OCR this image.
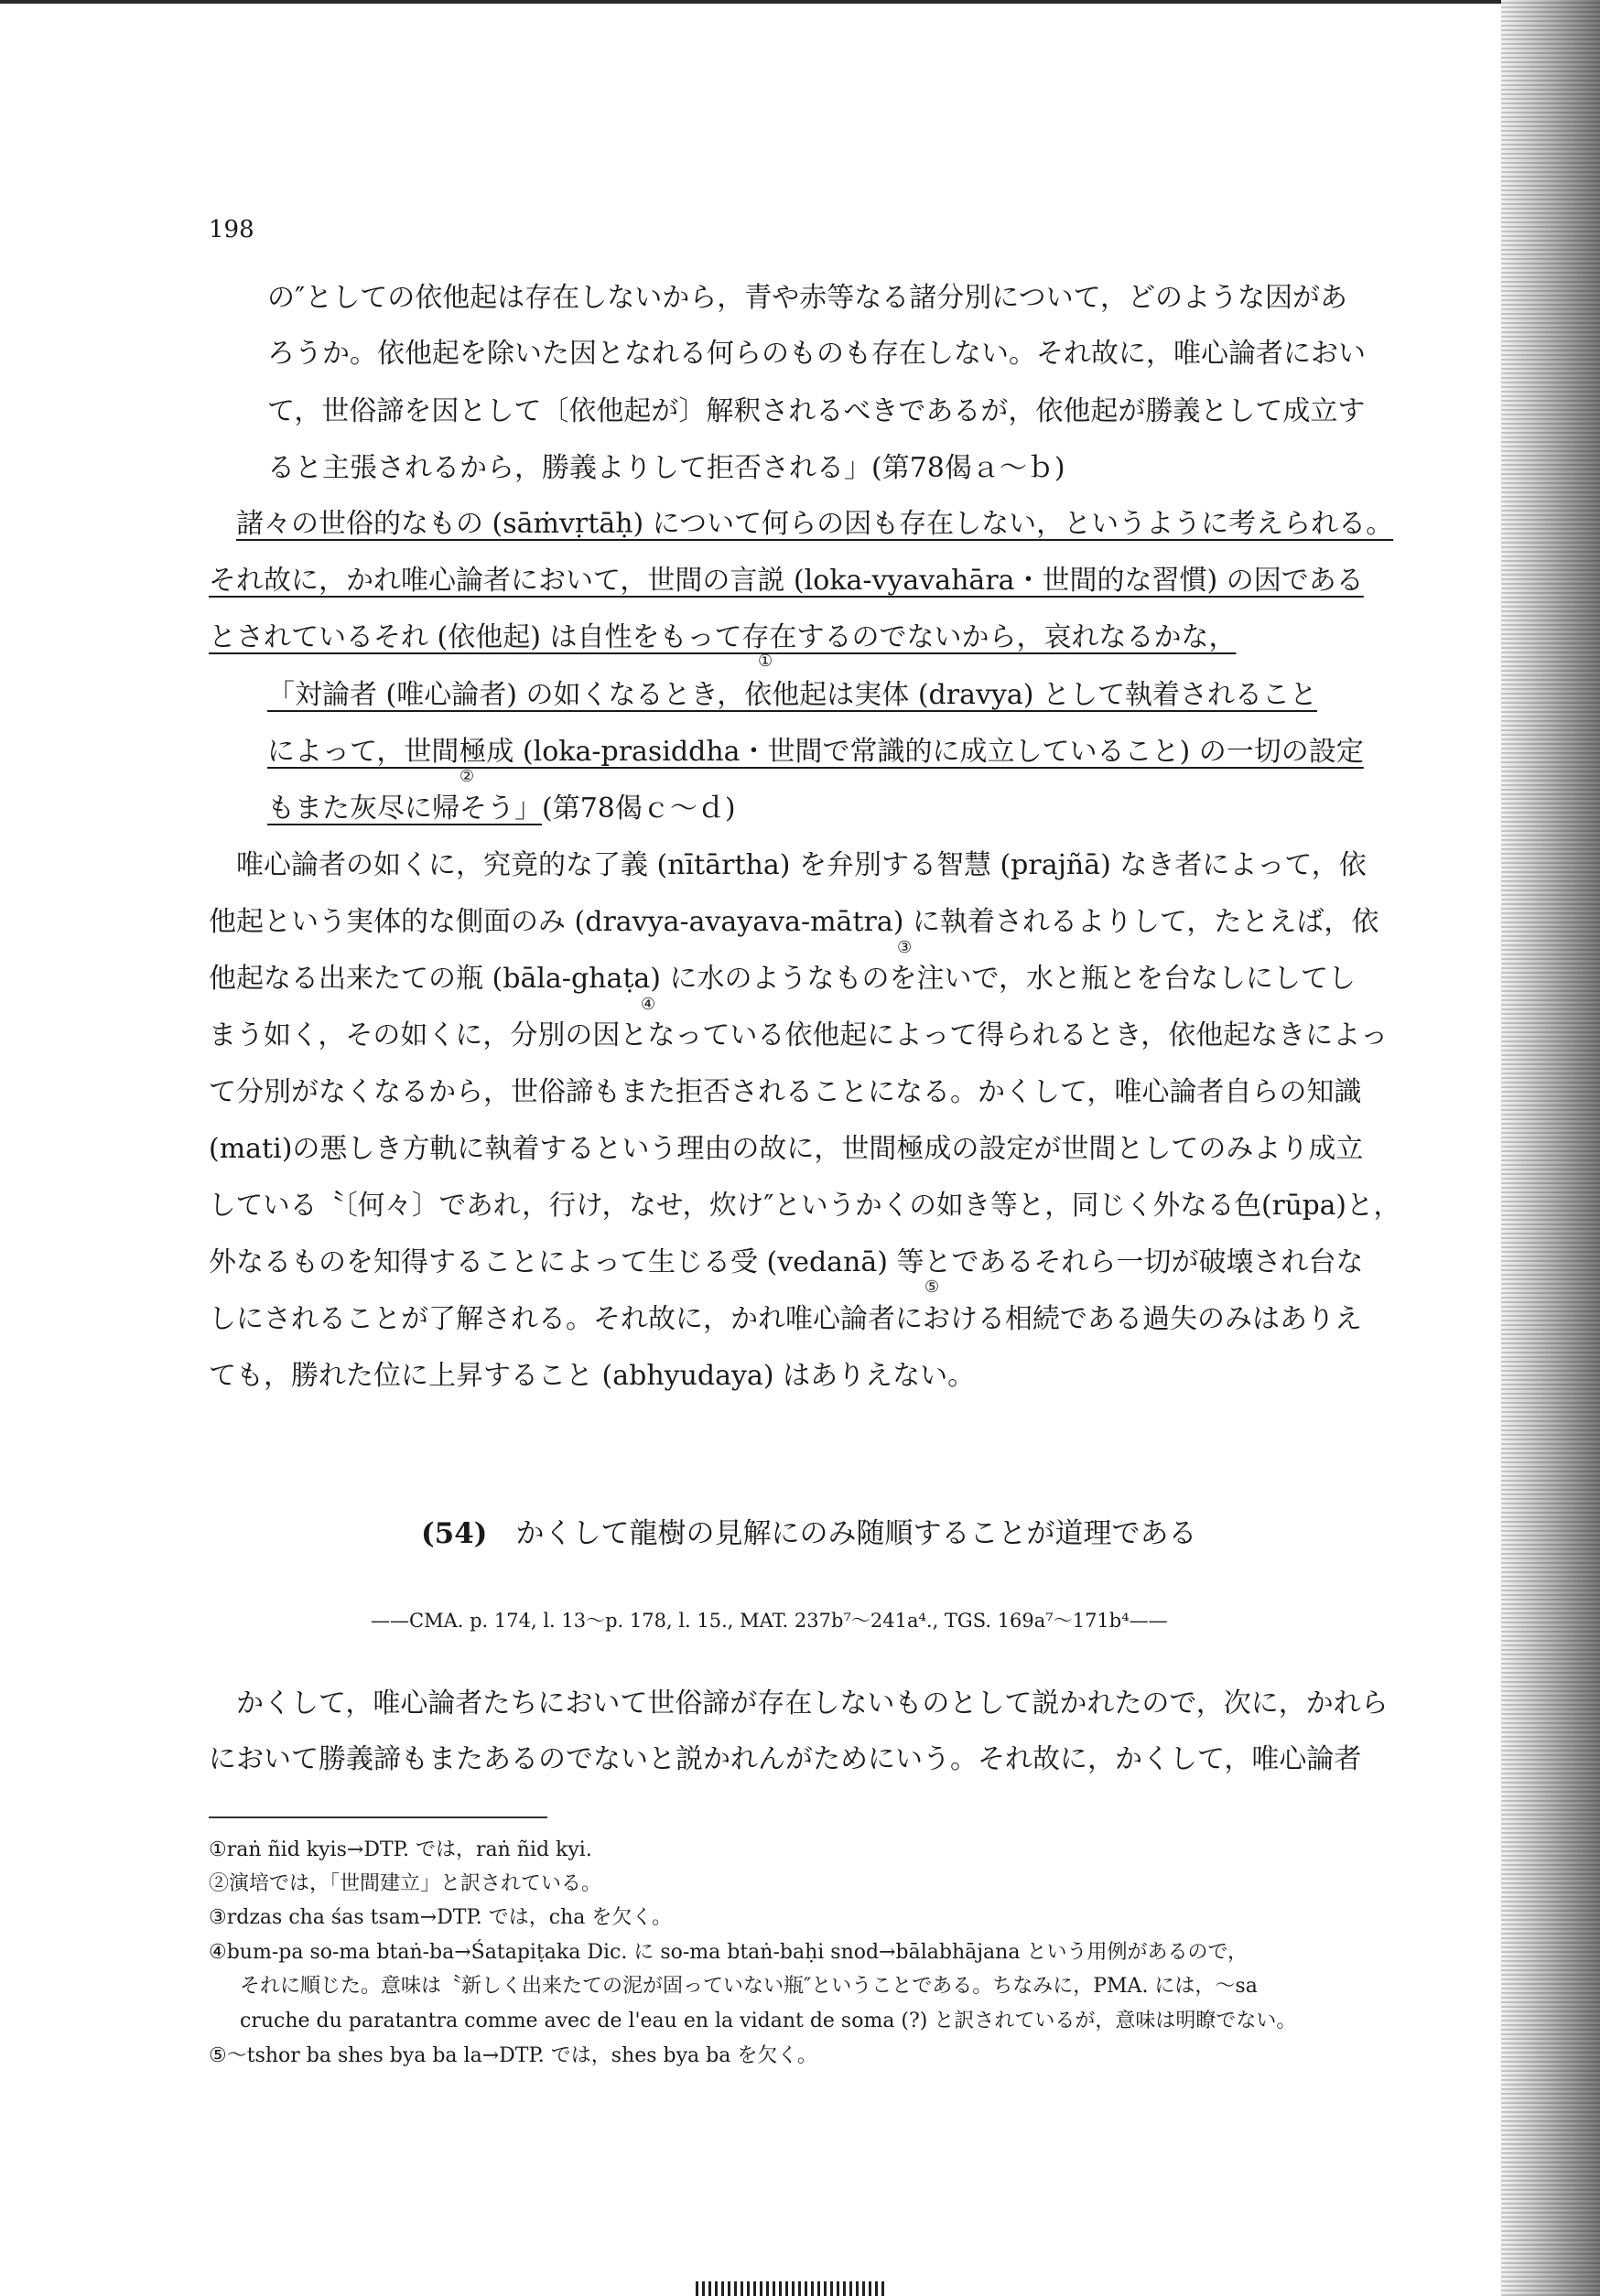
198
の″としての依他起は存在しないから，青や赤等なる諸分別について，どのような因があ
ろうか。依他起を除いた因となれる何らのものも存在しない。それ故に，唯心論者におい
て，世俗諦を因として〔依他起が〕解釈されるべきであるが，依他起が勝義として成立す
ると主張されるから，勝義よりして拒否される」(第78偈ａ～ｂ)
諸々の世俗的なもの (sāṁvṛtāḥ) について何らの因も存在しない，というように考えられる。
それ故に，かれ唯心論者において，世間の言説 (loka-vyavahāra・世間的な習慣) の因である
とされているそれ (依他起) は自性をもって存在するのでないから，哀れなるかな，
①
「対論者 (唯心論者) の如くなるとき，依他起は実体 (dravya) として執着されること
によって，世間極成 (loka-prasiddha・世間で常識的に成立していること) の一切の設定
②
もまた灰尽に帰そう」(第78偈ｃ～ｄ)
唯心論者の如くに，究竟的な了義 (nītārtha) を弁別する智慧 (prajñā) なき者によって，依
他起という実体的な側面のみ (dravya-avayava-mātra) に執着されるよりして，たとえば，依
③
他起なる出来たての瓶 (bāla-ghaṭa) に水のようなものを注いで，水と瓶とを台なしにしてし
④
まう如く，その如くに，分別の因となっている依他起によって得られるとき，依他起なきによっ
て分別がなくなるから，世俗諦もまた拒否されることになる。かくして，唯心論者自らの知識
(mati)の悪しき方軌に執着するという理由の故に，世間極成の設定が世間としてのみより成立
している〝〔何々〕であれ，行け，なせ，炊け″というかくの如き等と，同じく外なる色(rūpa)と，
外なるものを知得することによって生じる受 (vedanā) 等とであるそれら一切が破壊され台な
⑤
しにされることが了解される。それ故に，かれ唯心論者における相続である過失のみはありえ
ても，勝れた位に上昇すること (abhyudaya) はありえない。
(54)　 かくして龍樹の見解にのみ随順することが道理である
——CMA. p. 174, l. 13～p. 178, l. 15., MAT. 237b⁷～241a⁴., TGS. 169a⁷～171b⁴——
かくして，唯心論者たちにおいて世俗諦が存在しないものとして説かれたので，次に，かれら
において勝義諦もまたあるのでないと説かれんがためにいう。それ故に，かくして，唯心論者
①raṅ ñid kyis→DTP. では，raṅ ñid kyi.
②演培では，「世間建立」と訳されている。
③rdzas cha śas tsam→DTP. では，cha を欠く。
④bum-pa so-ma btaṅ-ba→Śatapiṭaka Dic. に so-ma btaṅ-baḥi snod→bālabhājana という用例があるので，
それに順じた。意味は〝新しく出来たての泥が固っていない瓶″ということである。ちなみに，PMA. には，～sa
cruche du paratantra comme avec de l'eau en la vidant de soma (?) と訳されているが，意味は明瞭でない。
⑤～tshor ba shes bya ba la→DTP. では，shes bya ba を欠く。
